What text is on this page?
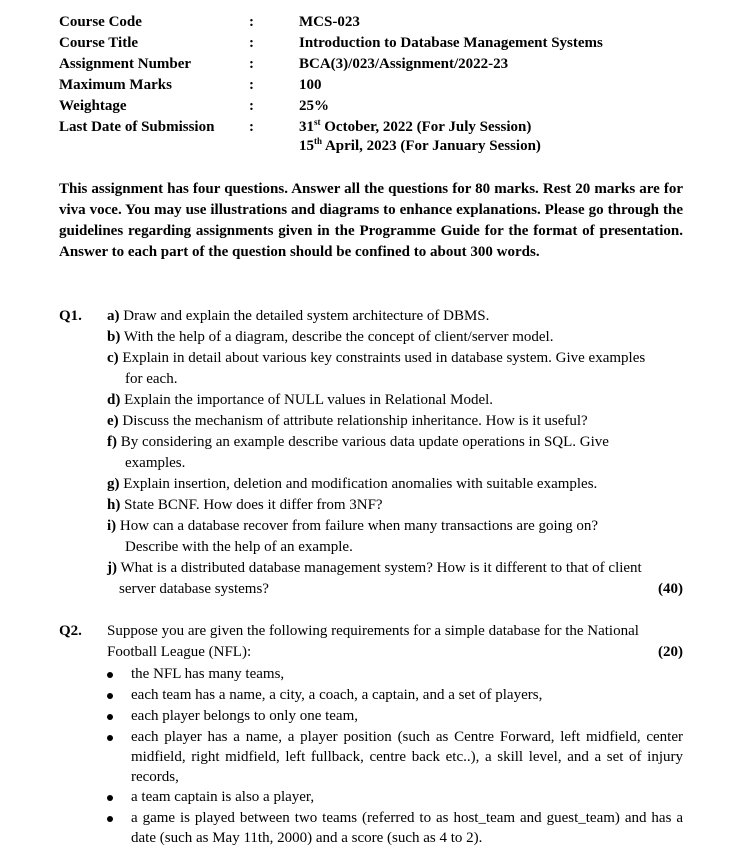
Course Code	:	MCS-023
Course Title	:	Introduction to Database Management Systems
Assignment Number	:	BCA(3)/023/Assignment/2022-23
Maximum Marks	:	100
Weightage	:	25%
Last Date of Submission :	31st October, 2022 (For July Session)
15th April, 2023 (For January Session)
This assignment has four questions. Answer all the questions for 80 marks. Rest 20 marks are for viva voce. You may use illustrations and diagrams to enhance explanations. Please go through the guidelines regarding assignments given in the Programme Guide for the format of presentation. Answer to each part of the question should be confined to about 300 words.
Q1. a) Draw and explain the detailed system architecture of DBMS.
b) With the help of a diagram, describe the concept of client/server model.
c) Explain in detail about various key constraints used in database system. Give examples
for each.
d) Explain the importance of NULL values in Relational Model.
e) Discuss the mechanism of attribute relationship inheritance. How is it useful?
f) By considering an example describe various data update operations in SQL. Give
examples.
g) Explain insertion, deletion and modification anomalies with suitable examples.
h) State BCNF. How does it differ from 3NF?
i) How can a database recover from failure when many transactions are going on?
Describe with the help of an example.
j) What is a distributed database management system? How is it different to that of client
server database systems?	(40)
Q2. Suppose you are given the following requirements for a simple database for the National
Football League (NFL):	(20)
the NFL has many teams,
each team has a name, a city, a coach, a captain, and a set of players,
each player belongs to only one team,
each player has a name, a player position (such as Centre Forward, left midfield, center midfield, right midfield, left fullback, centre back etc..), a skill level, and a set of injury records,
a team captain is also a player,
a game is played between two teams (referred to as host_team and guest_team) and has a date (such as May 11th, 2000) and a score (such as 4 to 2).
